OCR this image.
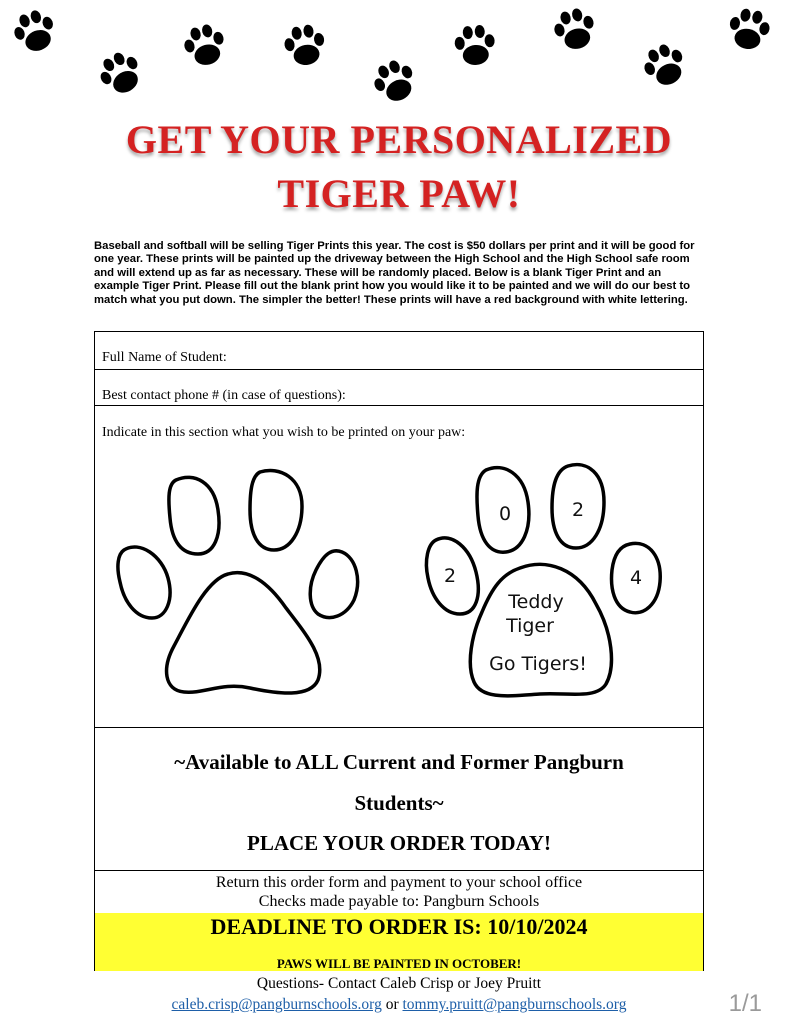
GET YOUR PERSONALIZED
TIGER PAW!
Baseball and softball will be selling Tiger Prints this year. The cost is $50 dollars per print and it will be good for one year. These prints will be painted up the driveway between the High School and the High School safe room and will extend up as far as necessary. These will be randomly placed. Below is a blank Tiger Print and an example Tiger Print. Please fill out the blank print how you would like it to be painted and we will do our best to match what you put down. The simpler the better! These prints will have a red background with white lettering.
Full Name of Student:
Best contact phone # (in case of questions):
Indicate in this section what you wish to be printed on your paw:
0	2
2	4
Teddy
Tiger
Go Tigers!
~Available to ALL Current and Former Pangburn
Students~
PLACE YOUR ORDER TODAY!
Return this order form and payment to your school office
Checks made payable to: Pangburn Schools
DEADLINE TO ORDER IS: 10/10/2024
PAWS WILL BE PAINTED IN OCTOBER!
Questions- Contact Caleb Crisp or Joey Pruitt
caleb.crisp@pangburnschools.org or tommy.pruitt@pangburnschools.org	1/1
